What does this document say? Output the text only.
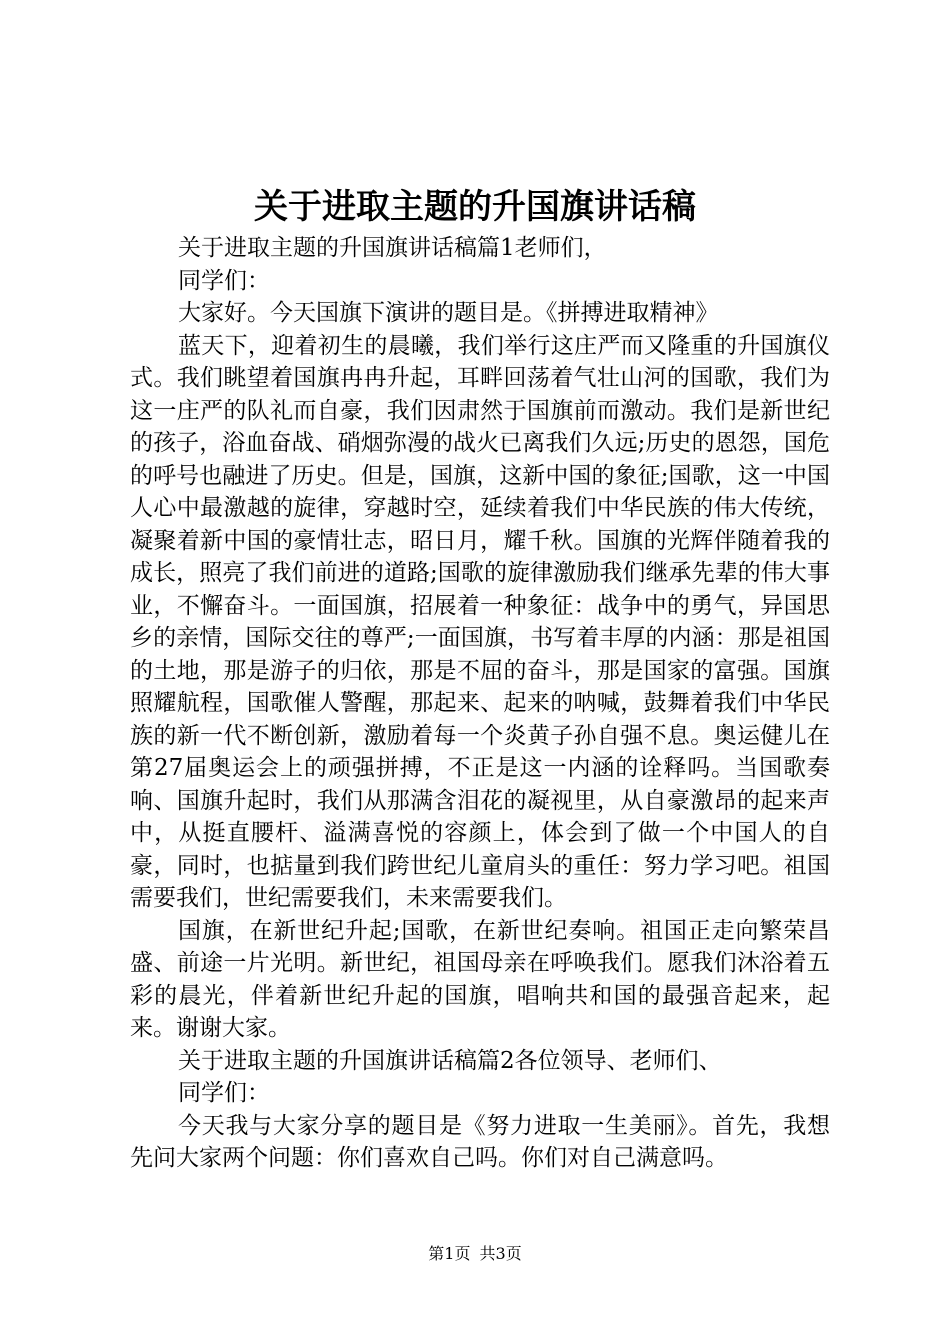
关于进取主题的升国旗讲话稿

关于进取主题的升国旗讲话稿篇1老师们，

同学们：

大家好。今天国旗下演讲的题目是。《拼搏进取精神》

蓝天下，迎着初生的晨曦，我们举行这庄严而又隆重的升国旗仪式。我们眺望着国旗冉冉升起，耳畔回荡着气壮山河的国歌，我们为这一庄严的队礼而自豪，我们因肃然于国旗前而激动。我们是新世纪的孩子，浴血奋战、硝烟弥漫的战火已离我们久远;历史的恩怨，国危的呼号也融进了历史。但是，国旗，这新中国的象征;国歌，这一中国人心中最激越的旋律，穿越时空，延续着我们中华民族的伟大传统，凝聚着新中国的豪情壮志，昭日月，耀千秋。国旗的光辉伴随着我的成长，照亮了我们前进的道路;国歌的旋律激励我们继承先辈的伟大事业，不懈奋斗。一面国旗，招展着一种象征：战争中的勇气，异国思乡的亲情，国际交往的尊严;一面国旗，书写着丰厚的内涵：那是祖国的土地，那是游子的归依，那是不屈的奋斗，那是国家的富强。国旗照耀航程，国歌催人警醒，那起来、起来的呐喊，鼓舞着我们中华民族的新一代不断创新，激励着每一个炎黄子孙自强不息。奥运健儿在第27届奥运会上的顽强拼搏，不正是这一内涵的诠释吗。当国歌奏响、国旗升起时，我们从那满含泪花的凝视里，从自豪激昂的起来声中，从挺直腰杆、溢满喜悦的容颜上，体会到了做一个中国人的自豪，同时，也掂量到我们跨世纪儿童肩头的重任：努力学习吧。祖国需要我们，世纪需要我们，未来需要我们。

国旗，在新世纪升起;国歌，在新世纪奏响。祖国正走向繁荣昌盛、前途一片光明。新世纪，祖国母亲在呼唤我们。愿我们沐浴着五彩的晨光，伴着新世纪升起的国旗，唱响共和国的最强音起来，起来。谢谢大家。

关于进取主题的升国旗讲话稿篇2各位领导、老师们、

同学们：

今天我与大家分享的题目是《努力进取一生美丽》。首先，我想先问大家两个问题：你们喜欢自己吗。你们对自己满意吗。

第1页 共3页
